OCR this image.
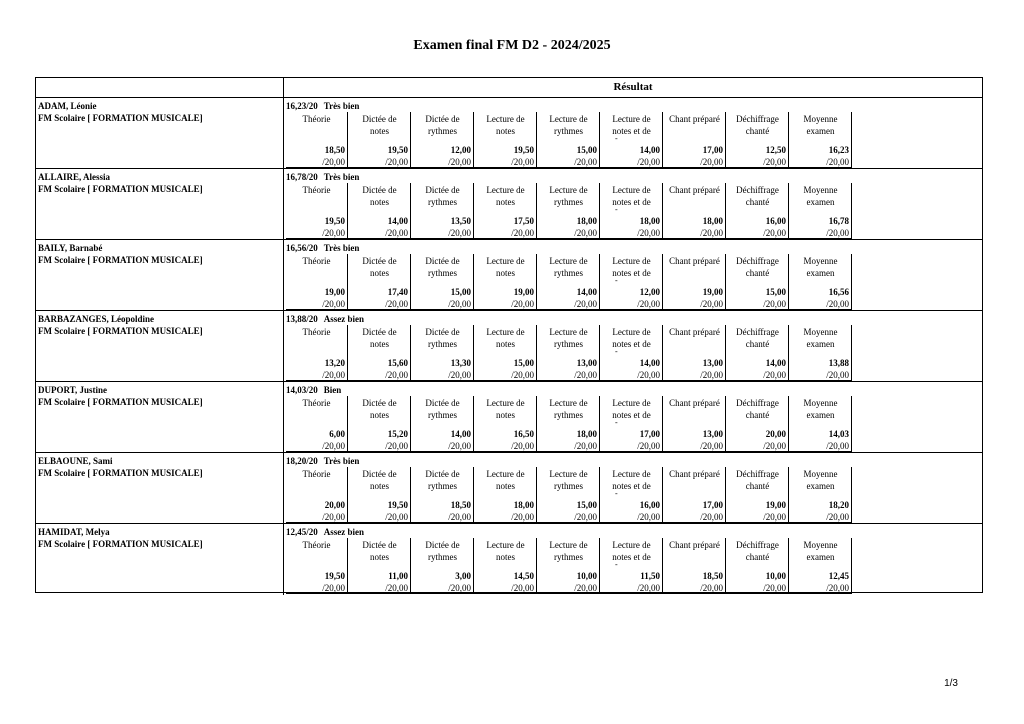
Examen final FM D2 - 2024/2025
Résultat
ADAM, Léonie
FM Scolaire [ FORMATION MUSICALE]
16,23/20 Très bien
Théorie
18,50
/20,00
Dictée de
notes
19,50
/20,00
Dictée de
rythmes
12,00
/20,00
Lecture de
notes
19,50
/20,00
Lecture de
rythmes
15,00
/20,00
Lecture de
notes et de
-
14,00
/20,00
Chant préparé
17,00
/20,00
Déchiffrage
chanté
12,50
/20,00
Moyenne
examen
16,23
/20,00
ALLAIRE, Alessia
FM Scolaire [ FORMATION MUSICALE]
16,78/20 Très bien
Théorie
19,50
/20,00
Dictée de
notes
14,00
/20,00
Dictée de
rythmes
13,50
/20,00
Lecture de
notes
17,50
/20,00
Lecture de
rythmes
18,00
/20,00
Lecture de
notes et de
-
18,00
/20,00
Chant préparé
18,00
/20,00
Déchiffrage
chanté
16,00
/20,00
Moyenne
examen
16,78
/20,00
BAILY, Barnabé
FM Scolaire [ FORMATION MUSICALE]
16,56/20 Très bien
Théorie
19,00
/20,00
Dictée de
notes
17,40
/20,00
Dictée de
rythmes
15,00
/20,00
Lecture de
notes
19,00
/20,00
Lecture de
rythmes
14,00
/20,00
Lecture de
notes et de
-
12,00
/20,00
Chant préparé
19,00
/20,00
Déchiffrage
chanté
15,00
/20,00
Moyenne
examen
16,56
/20,00
BARBAZANGES, Léopoldine
FM Scolaire [ FORMATION MUSICALE]
13,88/20 Assez bien
Théorie
13,20
/20,00
Dictée de
notes
15,60
/20,00
Dictée de
rythmes
13,30
/20,00
Lecture de
notes
15,00
/20,00
Lecture de
rythmes
13,00
/20,00
Lecture de
notes et de
-
14,00
/20,00
Chant préparé
13,00
/20,00
Déchiffrage
chanté
14,00
/20,00
Moyenne
examen
13,88
/20,00
DUPORT, Justine
FM Scolaire [ FORMATION MUSICALE]
14,03/20 Bien
Théorie
6,00
/20,00
Dictée de
notes
15,20
/20,00
Dictée de
rythmes
14,00
/20,00
Lecture de
notes
16,50
/20,00
Lecture de
rythmes
18,00
/20,00
Lecture de
notes et de
-
17,00
/20,00
Chant préparé
13,00
/20,00
Déchiffrage
chanté
20,00
/20,00
Moyenne
examen
14,03
/20,00
ELBAOUNE, Sami
FM Scolaire [ FORMATION MUSICALE]
18,20/20 Très bien
Théorie
20,00
/20,00
Dictée de
notes
19,50
/20,00
Dictée de
rythmes
18,50
/20,00
Lecture de
notes
18,00
/20,00
Lecture de
rythmes
15,00
/20,00
Lecture de
notes et de
-
16,00
/20,00
Chant préparé
17,00
/20,00
Déchiffrage
chanté
19,00
/20,00
Moyenne
examen
18,20
/20,00
HAMIDAT, Melya
FM Scolaire [ FORMATION MUSICALE]
12,45/20 Assez bien
Théorie
19,50
/20,00
Dictée de
notes
11,00
/20,00
Dictée de
rythmes
3,00
/20,00
Lecture de
notes
14,50
/20,00
Lecture de
rythmes
10,00
/20,00
Lecture de
notes et de
-
11,50
/20,00
Chant préparé
18,50
/20,00
Déchiffrage
chanté
10,00
/20,00
Moyenne
examen
12,45
/20,00
1/3
